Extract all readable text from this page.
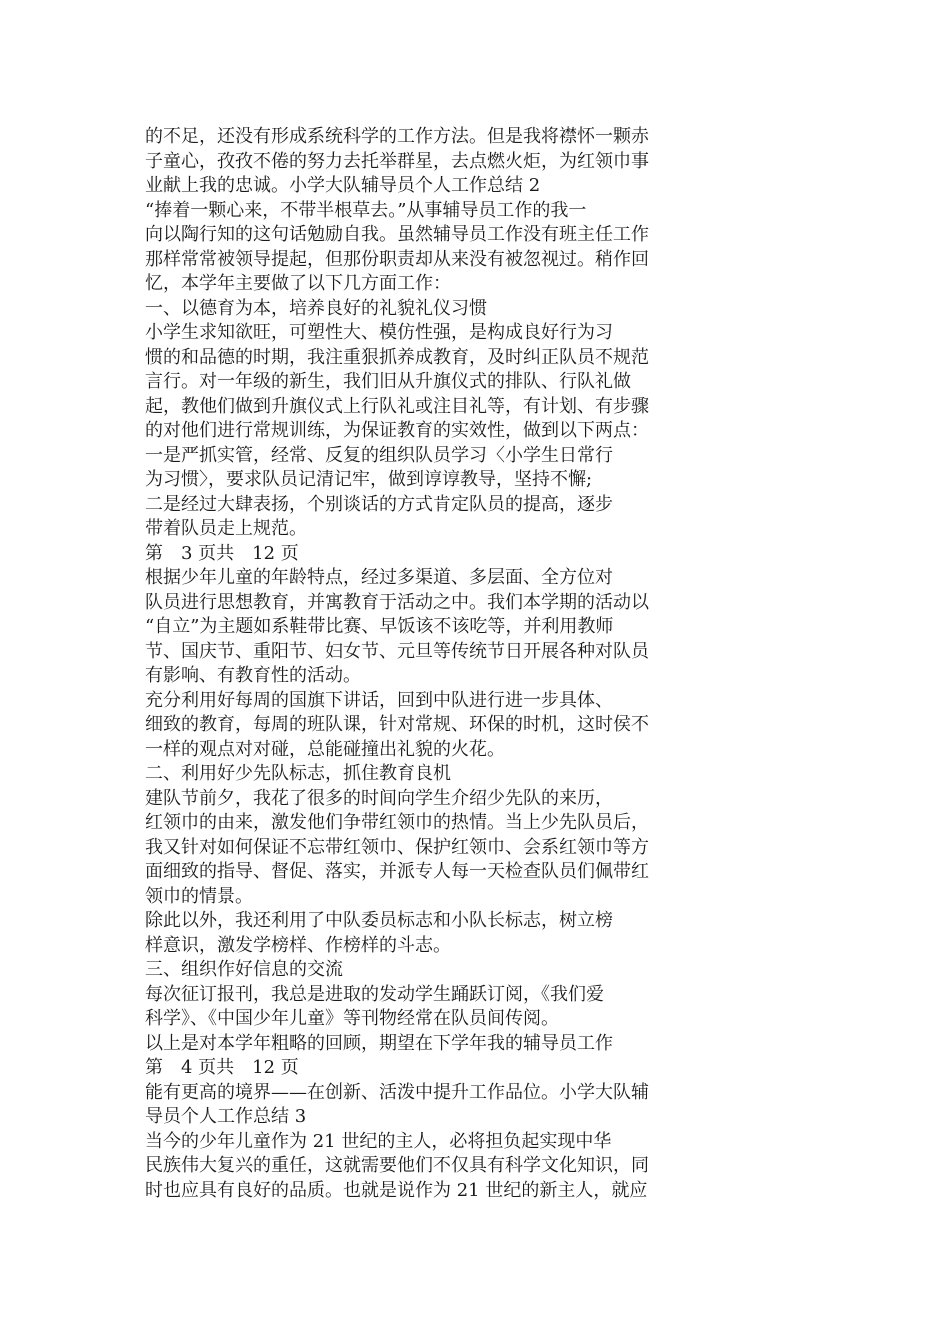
的不足，还没有形成系统科学的工作方法。但是我将襟怀一颗赤
子童心，孜孜不倦的努力去托举群星，去点燃火炬，为红领巾事
业献上我的忠诚。小学大队辅导员个人工作总结 2
“捧着一颗心来，不带半根草去。”从事辅导员工作的我一
向以陶行知的这句话勉励自我。虽然辅导员工作没有班主任工作
那样常常被领导提起，但那份职责却从来没有被忽视过。稍作回
忆，本学年主要做了以下几方面工作：
一、以德育为本，培养良好的礼貌礼仪习惯
小学生求知欲旺，可塑性大、模仿性强，是构成良好行为习
惯的和品德的时期，我注重狠抓养成教育，及时纠正队员不规范
言行。对一年级的新生，我们旧从升旗仪式的排队、行队礼做
起，教他们做到升旗仪式上行队礼或注目礼等，有计划、有步骤
的对他们进行常规训练，为保证教育的实效性，做到以下两点：
一是严抓实管，经常、反复的组织队员学习〈小学生日常行
为习惯〉，要求队员记清记牢，做到谆谆教导，坚持不懈;
二是经过大肆表扬，个别谈话的方式肯定队员的提高，逐步
带着队员走上规范。
第　3 页共　12 页
根据少年儿童的年龄特点，经过多渠道、多层面、全方位对
队员进行思想教育，并寓教育于活动之中。我们本学期的活动以
“自立”为主题如系鞋带比赛、早饭该不该吃等，并利用教师
节、国庆节、重阳节、妇女节、元旦等传统节日开展各种对队员
有影响、有教育性的活动。
充分利用好每周的国旗下讲话，回到中队进行进一步具体、
细致的教育，每周的班队课，针对常规、环保的时机，这时侯不
一样的观点对对碰，总能碰撞出礼貌的火花。
二、利用好少先队标志，抓住教育良机
建队节前夕，我花了很多的时间向学生介绍少先队的来历，
红领巾的由来，激发他们争带红领巾的热情。当上少先队员后，
我又针对如何保证不忘带红领巾、保护红领巾、会系红领巾等方
面细致的指导、督促、落实，并派专人每一天检查队员们佩带红
领巾的情景。
除此以外，我还利用了中队委员标志和小队长标志，树立榜
样意识，激发学榜样、作榜样的斗志。
三、组织作好信息的交流
每次征订报刊，我总是进取的发动学生踊跃订阅，《我们爱
科学》、《中国少年儿童》等刊物经常在队员间传阅。
以上是对本学年粗略的回顾，期望在下学年我的辅导员工作
第　4 页共　12 页
能有更高的境界——在创新、活泼中提升工作品位。小学大队辅
导员个人工作总结 3
当今的少年儿童作为 21 世纪的主人，必将担负起实现中华
民族伟大复兴的重任，这就需要他们不仅具有科学文化知识，同
时也应具有良好的品质。也就是说作为 21 世纪的新主人，就应
